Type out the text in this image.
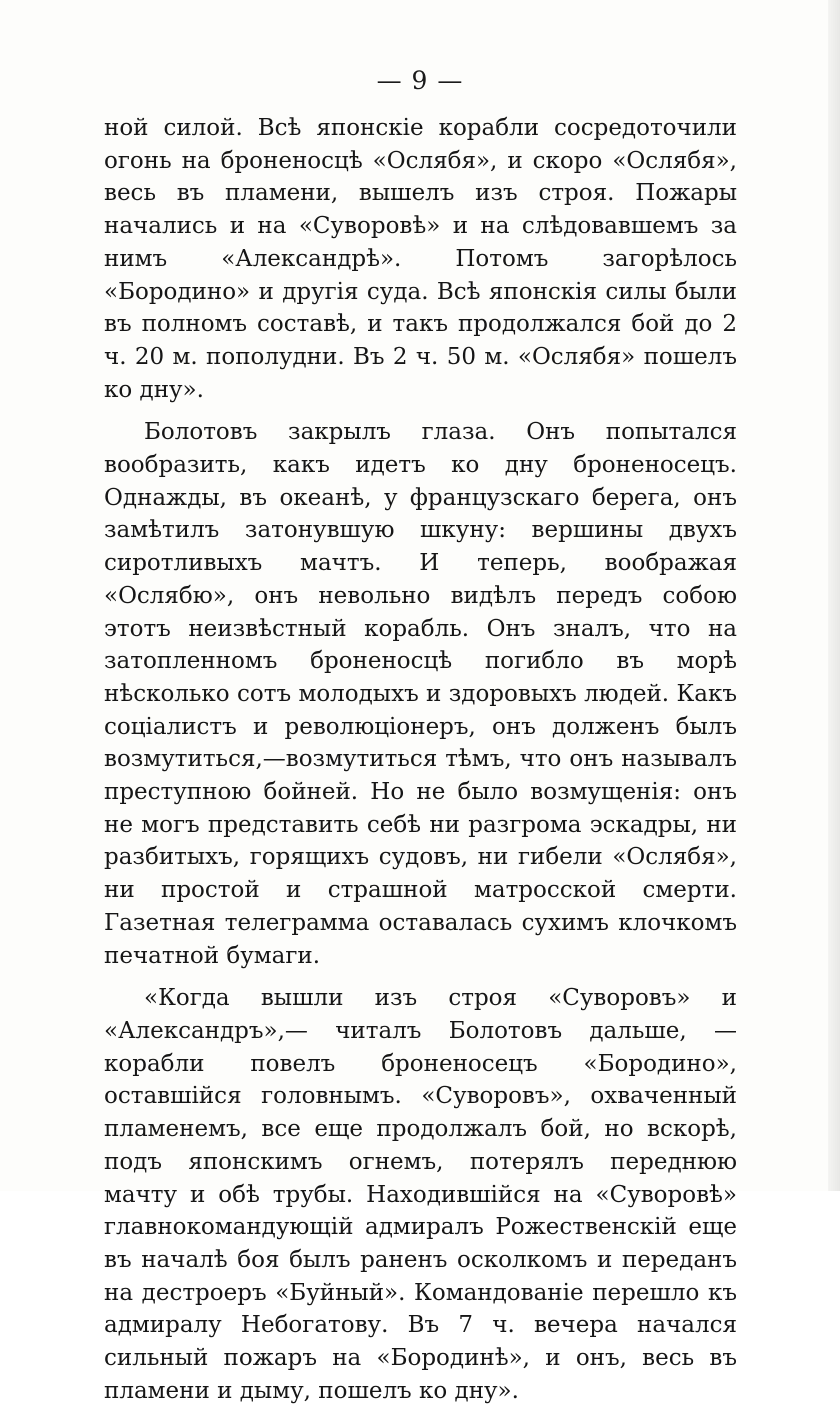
— 9 —

ной силой. Всѣ японскіе корабли сосредоточили огонь на броненосцѣ «Ослябя», и скоро «Ослябя», весь въ пламени, вышелъ изъ строя. Пожары начались и на «Суворовѣ» и на слѣдовавшемъ за нимъ «Александрѣ». Потомъ загорѣлось «Бородино» и другія суда. Всѣ японскія силы были въ полномъ составѣ, и такъ продолжался бой до 2 ч. 20 м. пополудни. Въ 2 ч. 50 м. «Ослябя» пошелъ ко дну».

Болотовъ закрылъ глаза. Онъ попытался вообразить, какъ идетъ ко дну броненосецъ. Однажды, въ океанѣ, у французскаго берега, онъ замѣтилъ затонувшую шкуну: вершины двухъ сиротливыхъ мачтъ. И теперь, воображая «Ослябю», онъ невольно видѣлъ передъ собою этотъ неизвѣстный корабль. Онъ зналъ, что на затопленномъ броненосцѣ погибло въ морѣ нѣсколько сотъ молодыхъ и здоровыхъ людей. Какъ соціалистъ и революціонеръ, онъ долженъ былъ возмутиться,—возмутиться тѣмъ, что онъ называлъ преступною бойней. Но не было возмущенія: онъ не могъ представить себѣ ни разгрома эскадры, ни разбитыхъ, горящихъ судовъ, ни гибели «Ослябя», ни простой и страшной матросской смерти. Газетная телеграмма оставалась сухимъ клочкомъ печатной бумаги.

«Когда вышли изъ строя «Суворовъ» и «Александръ»,— читалъ Болотовъ дальше, — корабли повелъ броненосецъ «Бородино», оставшійся головнымъ. «Суворовъ», охваченный пламенемъ, все еще продолжалъ бой, но вскорѣ, подъ японскимъ огнемъ, потерялъ переднюю мачту и обѣ трубы. Находившійся на «Суворовѣ» главнокомандующій адмиралъ Рожественскій еще въ началѣ боя былъ раненъ осколкомъ и переданъ на дестроеръ «Буйный». Командованіе перешло къ адмиралу Небогатову. Въ 7 ч. вечера начался сильный пожаръ на «Бородинѣ», и онъ, весь въ пламени и дыму, пошелъ ко дну».
